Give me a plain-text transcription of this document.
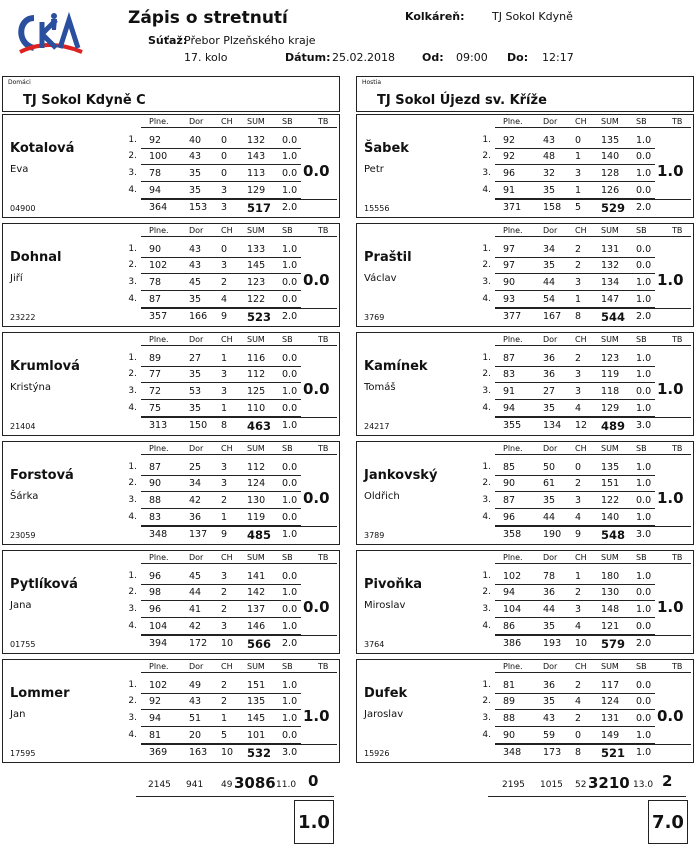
Zápis o stretnutí
Súťaž:
Přebor Plzeňského kraje
17. kolo	Dátum: 25.02.2018 Od: 09:00 Do: 12:17
Kolkáreň: TJ Sokol Kdyně
Domáci
TJ Sokol Kdyně C
Hostia
TJ Sokol Újezd sv. Kříže
Plne.	Dor CH SUM SB	TB
Kotalová
Eva
04900
0.0
1. 92	40 0 132 0.0
2. 100 43 0 143 1.0
3. 78	35 0 113 0.0
4. 94	35 3 129 1.0
364 153 3 517 2.0
Plne.	Dor CH SUM SB	TB
Dohnal
Jiří
23222
0.0
1. 90	43 0 133 1.0
2. 102 43 3 145 1.0
3. 78	45 2 123 0.0
4. 87	35 4 122 0.0
357 166 9 523 2.0
Plne.	Dor CH SUM SB	TB
Krumlová
Kristýna
21404
0.0
1. 89	27 1 116 0.0
2. 77	35 3 112 0.0
3. 72	53 3 125 1.0
4. 75	35 1 110 0.0
313 150 8 463 1.0
Plne.	Dor CH SUM SB	TB
Forstová
Šárka
23059
0.0
1. 87	25 3 112 0.0
2. 90	34 3 124 0.0
3. 88	42 2 130 1.0
4. 83	36 1 119 0.0
348 137 9 485 1.0
Plne.	Dor CH SUM SB	TB
Pytlíková
Jana
01755
0.0
1. 96	45 3 141 0.0
2. 98	44 2 142 1.0
3. 96	41 2 137 0.0
4. 104 42 3 146 1.0
394 172 10 566 2.0
Plne.	Dor CH SUM SB	TB
Lommer
Jan
17595
1.0
1. 102 49 2 151 1.0
2. 92	43 2 135 1.0
3. 94	51 1 145 1.0
4. 81	20 5 101 0.0
369 163 10 532 3.0
Plne.	Dor CH SUM SB	TB
Šabek
Petr
15556
1.0
1. 92	43 0 135 1.0
2. 92	48 1 140 0.0
3. 96	32 3 128 1.0
4. 91	35 1 126 0.0
371 158 5 529 2.0
Plne.	Dor CH SUM SB	TB
Praštil
Václav
3769
1.0
1. 97	34 2 131 0.0
2. 97	35 2 132 0.0
3. 90	44 3 134 1.0
4. 93	54 1 147 1.0
377 167 8 544 2.0
Plne.	Dor CH SUM SB	TB
Kamínek
Tomáš
24217
1.0
1. 87	36 2 123 1.0
2. 83	36 3 119 1.0
3. 91	27 3 118 0.0
4. 94	35 4 129 1.0
355 134 12 489 3.0
Plne.	Dor CH SUM SB	TB
Jankovský
Oldřich
3789
1.0
1. 85	50 0 135 1.0
2. 90	61 2 151 1.0
3. 87	35 3 122 0.0
4. 96	44 4 140 1.0
358 190 9 548 3.0
Plne.	Dor CH SUM SB	TB
Pivoňka
Miroslav
3764
1.0
1. 102 78 1 180 1.0
2. 94	36 2 130 0.0
3. 104 44 3 148 1.0
4. 86	35 4 121 0.0
386 193 10 579 2.0
Plne.	Dor CH SUM SB	TB
Dufek
Jaroslav
15926
0.0
1. 81	36 2 117 0.0
2. 89	35 4 124 0.0
3. 88	43 2 131 0.0
4. 90	59 0 149 1.0
348 173 8 521 1.0
2145 941 49 3086 11.0 0
1.0
2195 1015 52 3210 13.0 2
7.0
